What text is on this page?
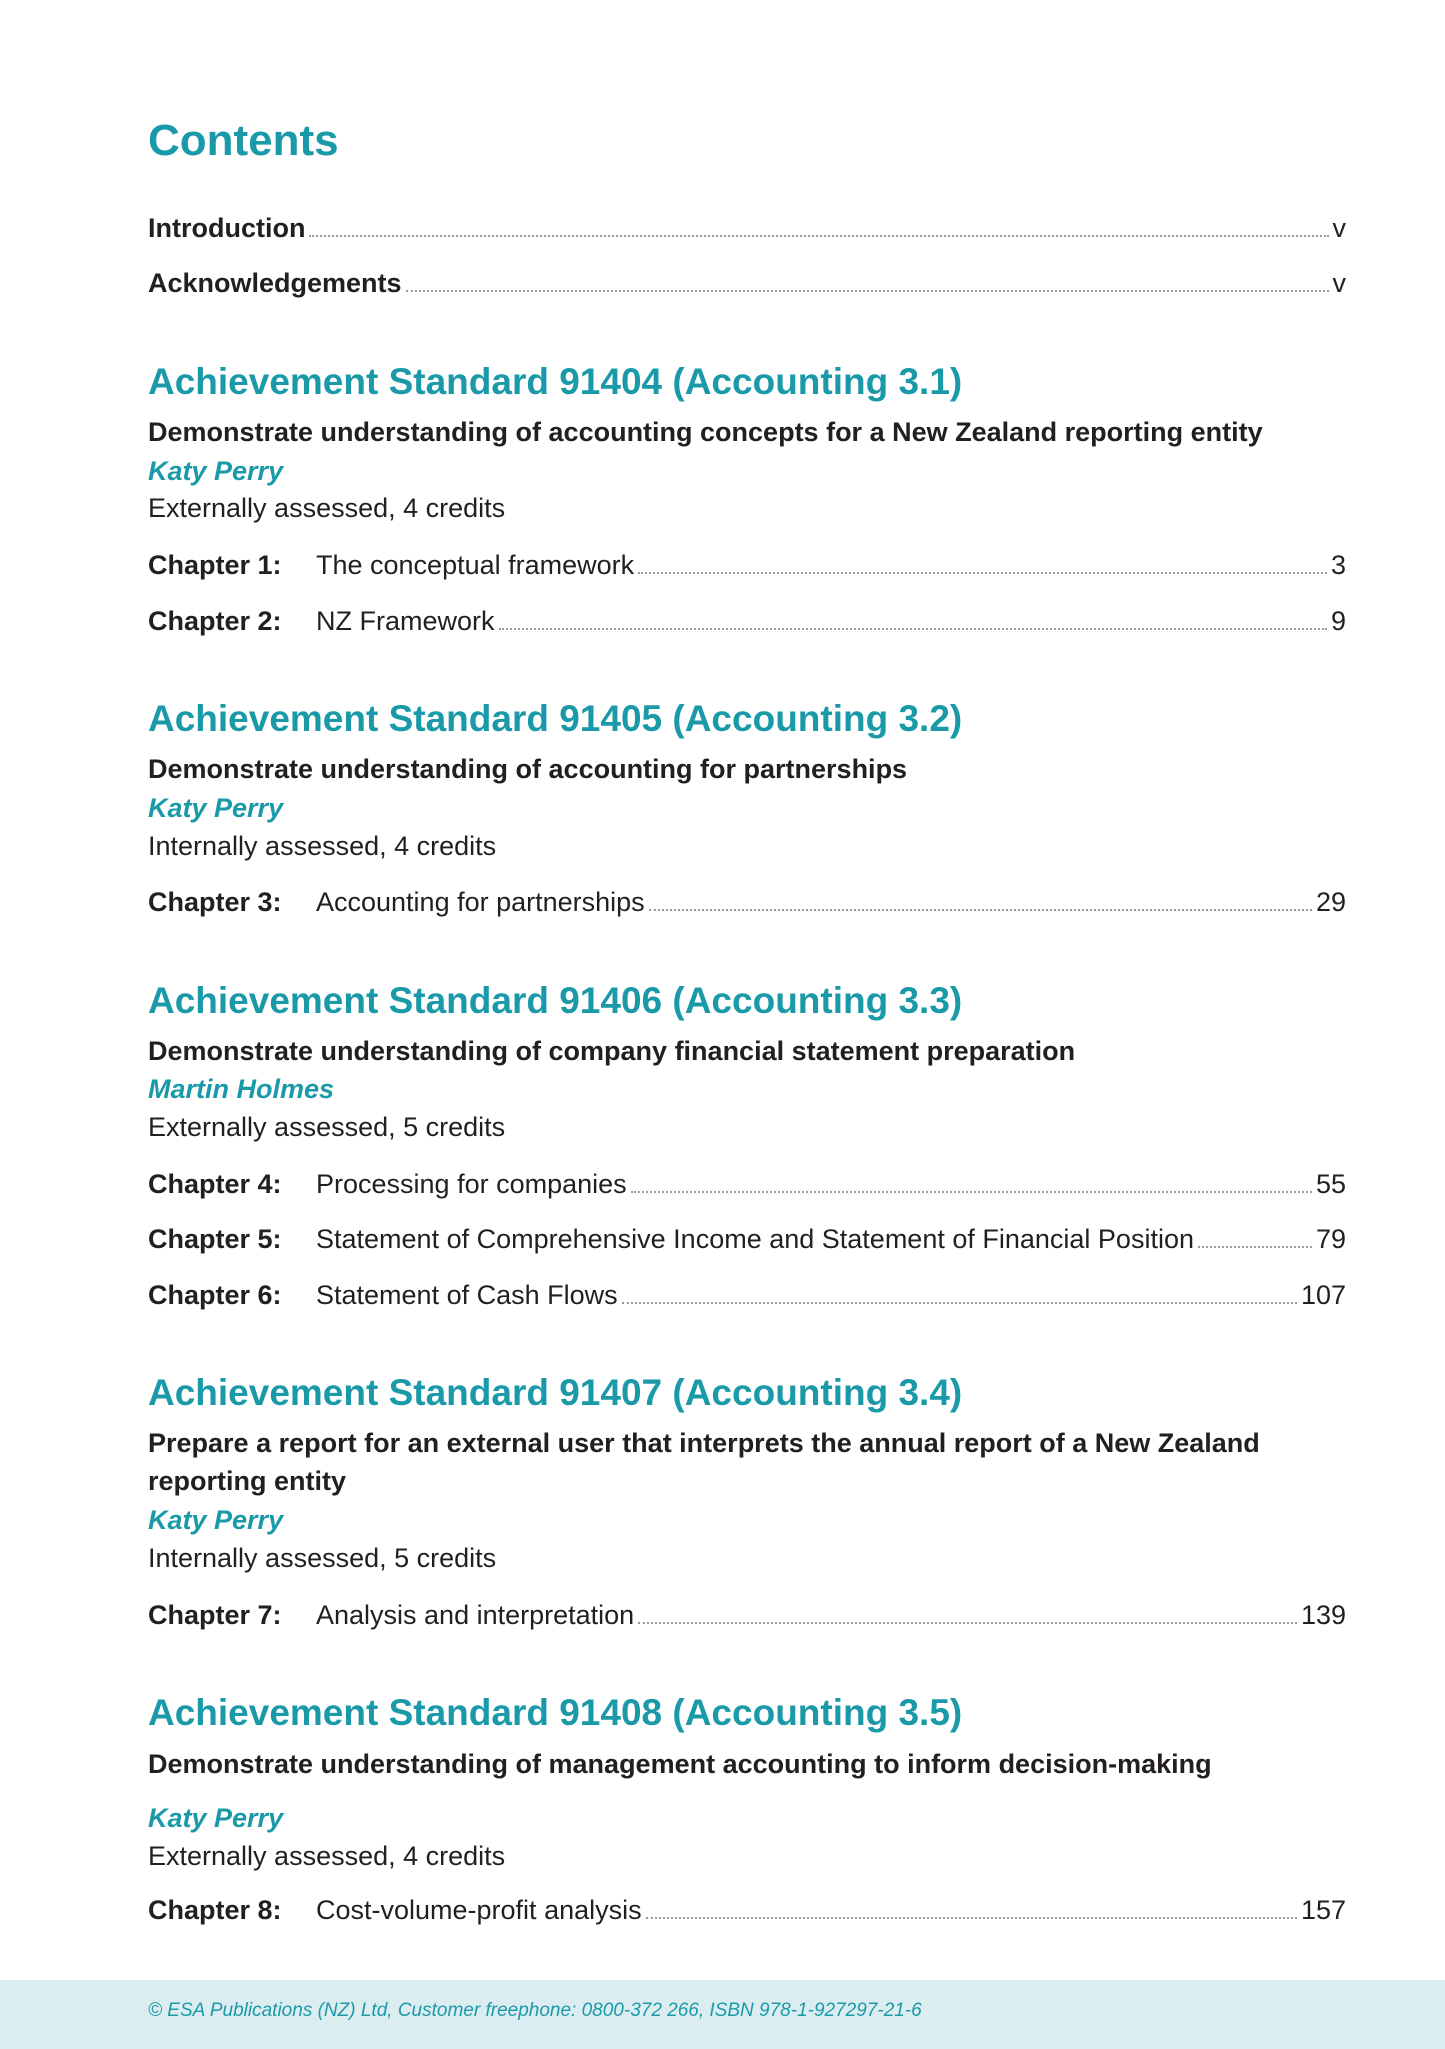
Contents
Introduction	v
Acknowledgements	v
Achievement Standard 91404 (Accounting 3.1)

Demonstrate understanding of accounting concepts for a New Zealand reporting entity

Katy Perry

Externally assessed, 4 credits

Chapter 1:	The conceptual framework	3
Chapter 2:	NZ Framework	9
Achievement Standard 91405 (Accounting 3.2)

Demonstrate understanding of accounting for partnerships

Katy Perry

Internally assessed, 4 credits

Chapter 3:	Accounting for partnerships	29
Achievement Standard 91406 (Accounting 3.3)

Demonstrate understanding of company financial statement preparation

Martin Holmes

Externally assessed, 5 credits

Chapter 4:	Processing for companies	55
Chapter 5:	Statement of Comprehensive Income and Statement of Financial Position	79
Chapter 6:	Statement of Cash Flows	107
Achievement Standard 91407 (Accounting 3.4)

Prepare a report for an external user that interprets the annual report of a New Zealand reporting entity

Katy Perry

Internally assessed, 5 credits

Chapter 7:	Analysis and interpretation	139
Achievement Standard 91408 (Accounting 3.5)

Demonstrate understanding of management accounting to inform decision-making

Katy Perry

Externally assessed, 4 credits

Chapter 8:	Cost-volume-profit analysis	157
© ESA Publications (NZ) Ltd, Customer freephone: 0800-372 266, ISBN 978-1-927297-21-6
